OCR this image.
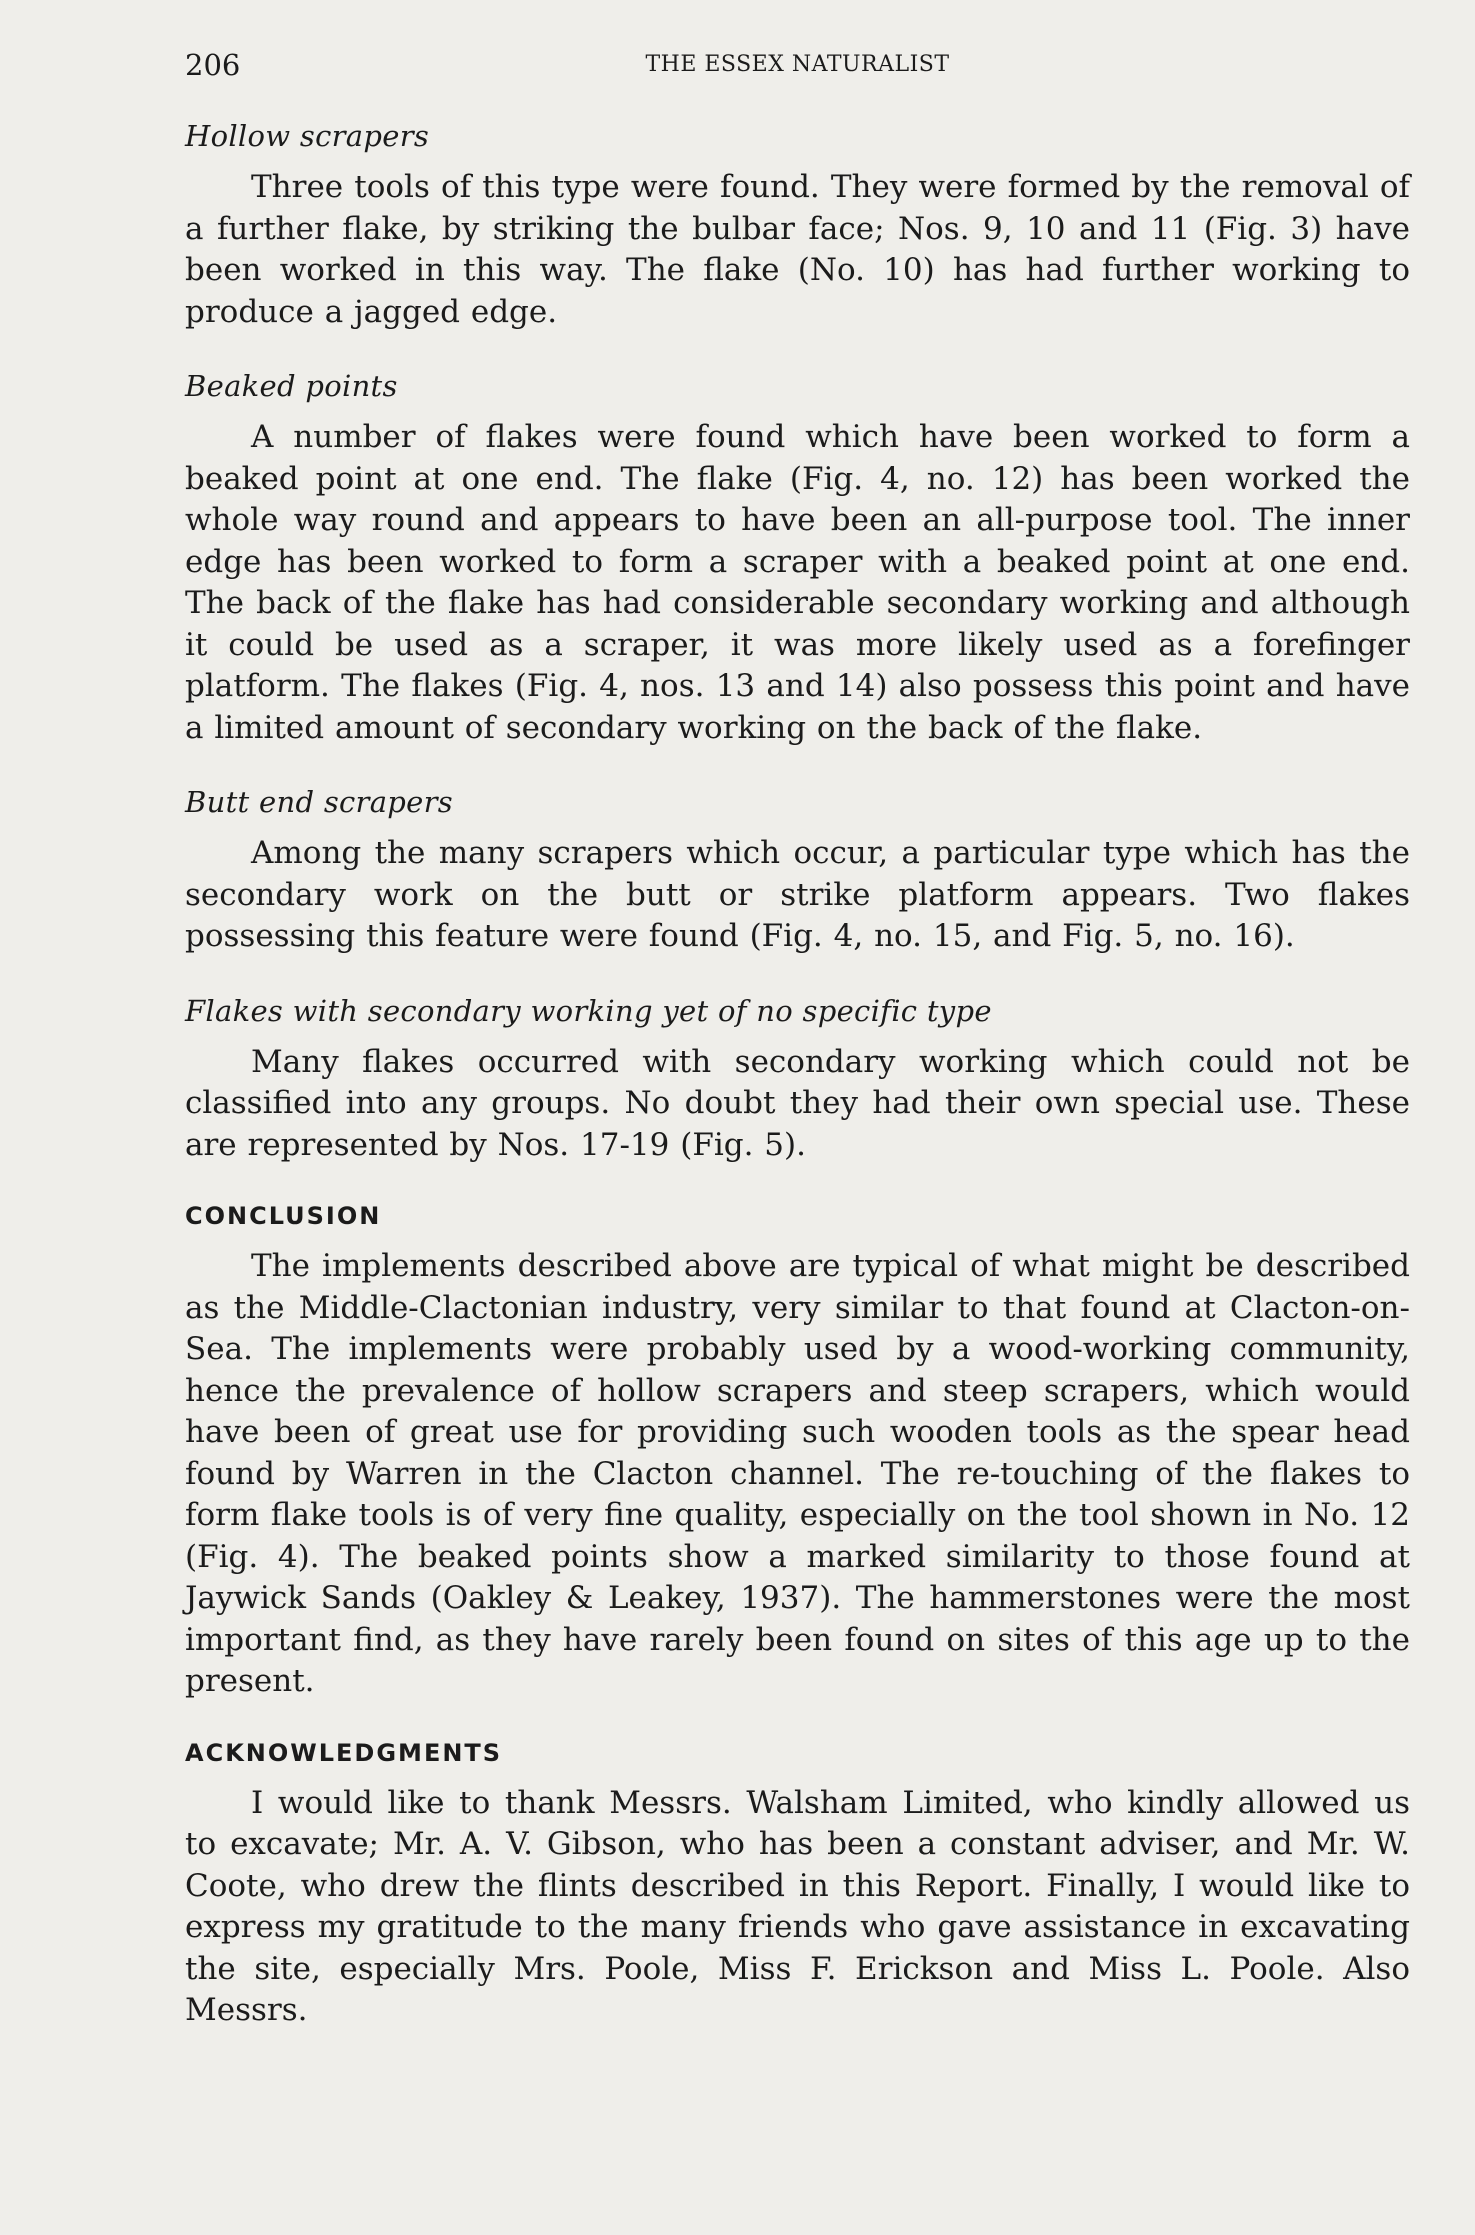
206	THE ESSEX NATURALIST
Hollow scrapers

Three tools of this type were found. They were formed by the removal of a further flake, by striking the bulbar face; Nos. 9, 10 and 11 (Fig. 3) have been worked in this way. The flake (No. 10) has had further working to produce a jagged edge.

Beaked points

A number of flakes were found which have been worked to form a beaked point at one end. The flake (Fig. 4, no. 12) has been worked the whole way round and appears to have been an all-purpose tool. The inner edge has been worked to form a scraper with a beaked point at one end. The back of the flake has had considerable secondary working and although it could be used as a scraper, it was more likely used as a forefinger platform. The flakes (Fig. 4, nos. 13 and 14) also possess this point and have a limited amount of secondary working on the back of the flake.

Butt end scrapers

Among the many scrapers which occur, a particular type which has the secondary work on the butt or strike platform appears. Two flakes possessing this feature were found (Fig. 4, no. 15, and Fig. 5, no. 16).

Flakes with secondary working yet of no specific type

Many flakes occurred with secondary working which could not be classified into any groups. No doubt they had their own special use. These are represented by Nos. 17-19 (Fig. 5).

CONCLUSION

The implements described above are typical of what might be described as the Middle-Clactonian industry, very similar to that found at Clacton-on-Sea. The implements were probably used by a wood-working community, hence the prevalence of hollow scrapers and steep scrapers, which would have been of great use for providing such wooden tools as the spear head found by Warren in the Clacton channel. The re-touching of the flakes to form flake tools is of very fine quality, especially on the tool shown in No. 12 (Fig. 4). The beaked points show a marked similarity to those found at Jaywick Sands (Oakley & Leakey, 1937). The hammerstones were the most important find, as they have rarely been found on sites of this age up to the present.

ACKNOWLEDGMENTS

I would like to thank Messrs. Walsham Limited, who kindly allowed us to excavate; Mr. A. V. Gibson, who has been a constant adviser, and Mr. W. Coote, who drew the flints described in this Report. Finally, I would like to express my gratitude to the many friends who gave assistance in excavating the site, especially Mrs. Poole, Miss F. Erickson and Miss L. Poole. Also Messrs.
